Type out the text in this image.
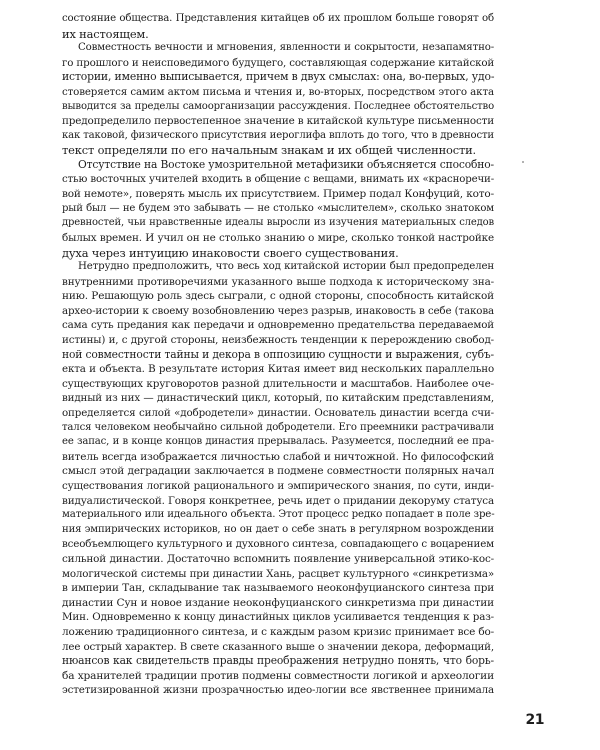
состояние общества. Представления китайцев об их прошлом больше говорят об
их настоящем.
Совместность вечности и мгновения, явленности и сокрытости, незапамятно-
го прошлого и неисповедимого будущего, составляющая содержание китайской
истории, именно выписывается, причем в двух смыслах: она, во-первых, удо-
стоверяется самим актом письма и чтения и, во-вторых, посредством этого акта
выводится за пределы самоорганизации рассуждения. Последнее обстоятельство
предопределило первостепенное значение в китайской культуре письменности
как таковой, физического присутствия иероглифа вплоть до того, что в древности
текст определяли по его начальным знакам и их общей численности.
Отсутствие на Востоке умозрительной метафизики объясняется способно-
стью восточных учителей входить в общение с вещами, внимать их «красноречи-
вой немоте», поверять мысль их присутствием. Пример подал Конфуций, кото-
рый был — не будем это забывать — не столько «мыслителем», сколько знатоком
древностей, чьи нравственные идеалы выросли из изучения материальных следов
былых времен. И учил он не столько знанию о мире, сколько тонкой настройке
духа через интуицию инаковости своего существования.
Нетрудно предположить, что весь ход китайской истории был предопределен
внутренними противоречиями указанного выше подхода к историческому зна-
нию. Решающую роль здесь сыграли, с одной стороны, способность китайской
архео-истории к своему возобновлению через разрыв, инаковость в себе (такова
сама суть предания как передачи и одновременно предательства передаваемой
истины) и, с другой стороны, неизбежность тенденции к перерождению свобод-
ной совместности тайны и декора в оппозицию сущности и выражения, субъ-
екта и объекта. В результате история Китая имеет вид нескольких параллельно
существующих круговоротов разной длительности и масштабов. Наиболее оче-
видный из них — династический цикл, который, по китайским представлениям,
определяется силой «добродетели» династии. Основатель династии всегда счи-
тался человеком необычайно сильной добродетели. Его преемники растрачивали
ее запас, и в конце концов династия прерывалась. Разумеется, последний ее пра-
витель всегда изображается личностью слабой и ничтожной. Но философский
смысл этой деградации заключается в подмене совместности полярных начал
существования логикой рационального и эмпирического знания, по сути, инди-
видуалистической. Говоря конкретнее, речь идет о придании декоруму статуса
материального или идеального объекта. Этот процесс редко попадает в поле зре-
ния эмпирических историков, но он дает о себе знать в регулярном возрождении
всеобъемлющего культурного и духовного синтеза, совпадающего с воцарением
сильной династии. Достаточно вспомнить появление универсальной этико-кос-
мологической системы при династии Хань, расцвет культурного «синкретизма»
в империи Тан, складывание так называемого неоконфуцианского синтеза при
династии Сун и новое издание неоконфуцианского синкретизма при династии
Мин. Одновременно к концу династийных циклов усиливается тенденция к раз-
ложению традиционного синтеза, и с каждым разом кризис принимает все бо-
лее острый характер. В свете сказанного выше о значении декора, деформаций,
нюансов как свидетельств правды преображения нетрудно понять, что борь-
ба хранителей традиции против подмены совместности логикой и археологии
эстетизированной жизни прозрачностью идео-логии все явственнее принимала
21
